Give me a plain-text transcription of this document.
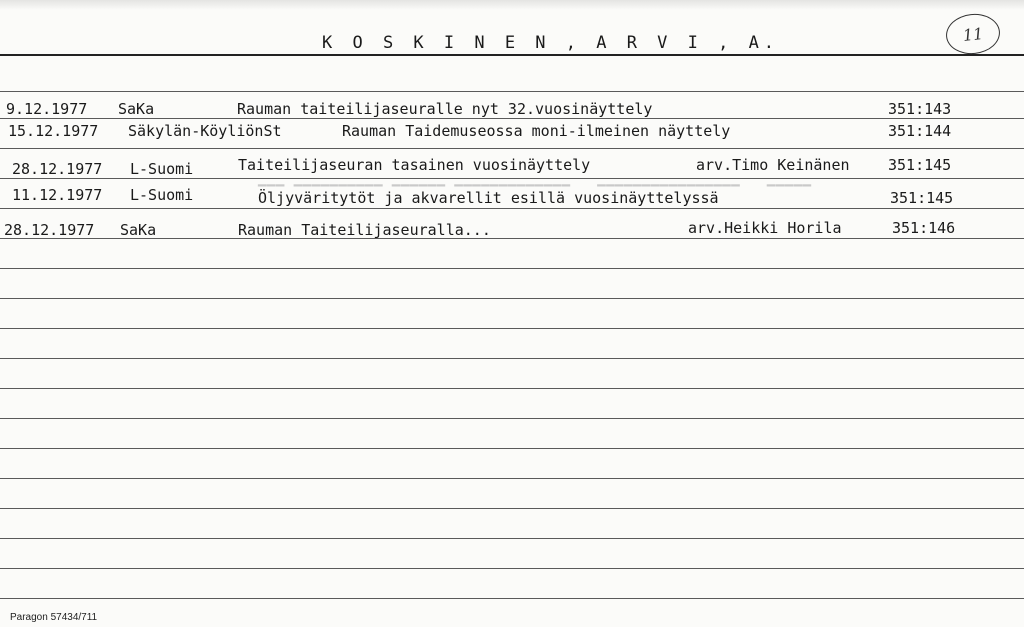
K O S K I N E N , A R V I , A.	11
▁▁▁ ▁▁▁▁▁▁▁▁▁▁ ▁▁▁▁▁▁ ▁▁▁▁▁▁▁▁▁▁▁▁▁   ▁▁▁▁▁▁▁▁▁▁▁▁▁▁▁▁   ▁▁▁▁▁
9.12.1977 SaKa	Rauman taiteilijaseuralle nyt 32.vuosinäyttely	351:143
15.12.1977 Säkylän-KöyliönSt	Rauman Taidemuseossa moni-ilmeinen näyttely	351:144
28.12.1977 L-Suomi	Taiteilijaseuran tasainen vuosinäyttely	arv.Timo Keinänen	351:145
11.12.1977 L-Suomi	Öljyväritytöt ja akvarellit esillä vuosinäyttelyssä	351:145
28.12.1977 SaKa	Rauman Taiteilijaseuralla...	arv.Heikki Horila	351:146
Paragon 57434/711
